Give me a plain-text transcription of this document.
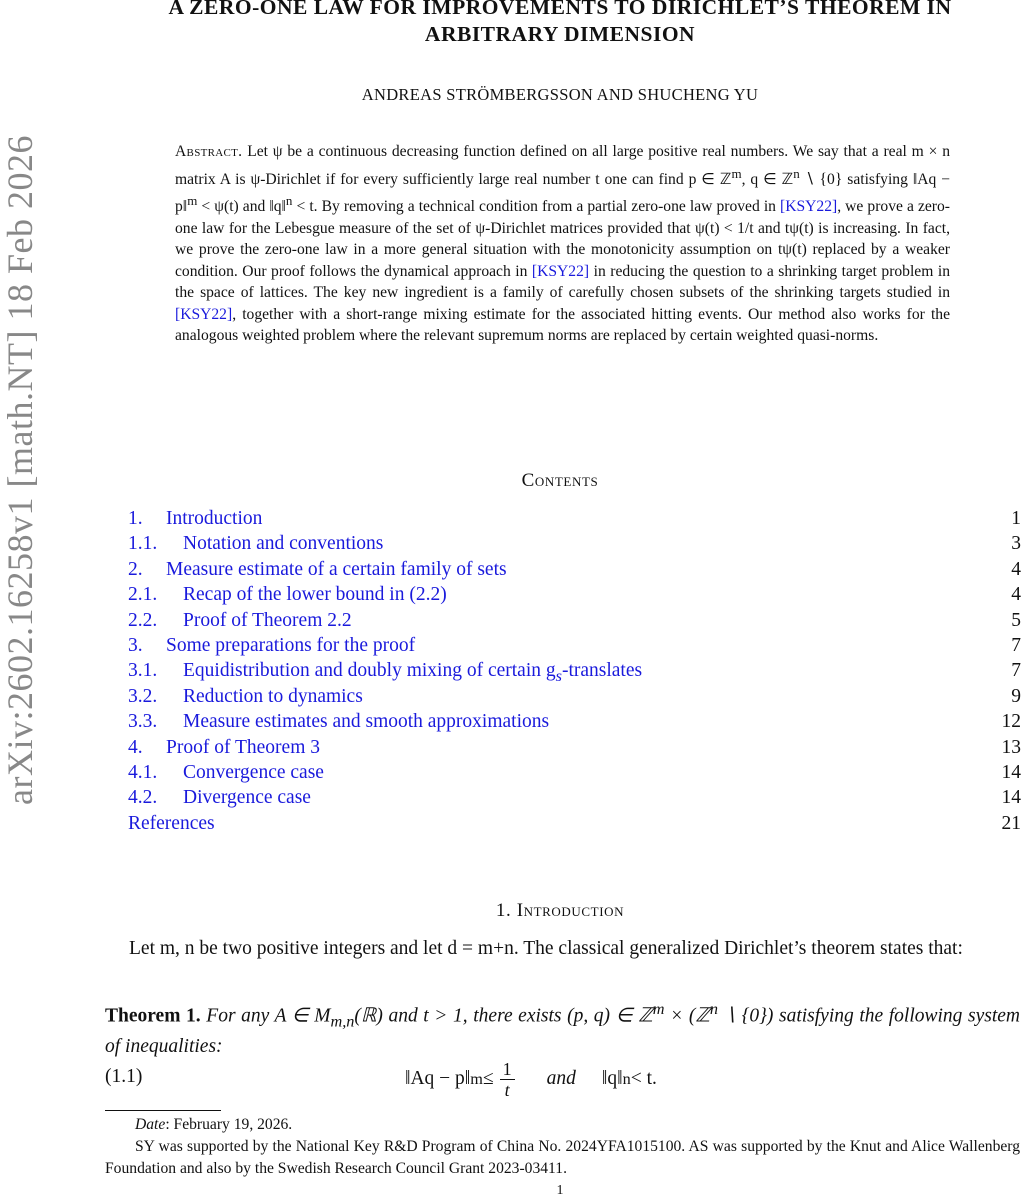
arXiv:2602.16258v1 [math.NT] 18 Feb 2026
A ZERO-ONE LAW FOR IMPROVEMENTS TO DIRICHLET’S THEOREM IN
ARBITRARY DIMENSION
ANDREAS STRÖMBERGSSON AND SHUCHENG YU
Abstract. Let ψ be a continuous decreasing function defined on all large positive real numbers. We say that a real m × n matrix A is ψ-Dirichlet if for every sufficiently large real number t one can find p ∈ ℤ$^m$, q ∈ ℤ$^n$ ∖ {0} satisfying ‖Aq − p‖$^m$ < ψ(t) and ‖q‖$^n$ < t. By removing a technical condition from a partial zero-one law proved in [KSY22], we prove a zero-one law for the Lebesgue measure of the set of ψ-Dirichlet matrices provided that ψ(t) < 1/t and tψ(t) is increasing. In fact, we prove the zero-one law in a more general situation with the monotonicity assumption on tψ(t) replaced by a weaker condition. Our proof follows the dynamical approach in [KSY22] in reducing the question to a shrinking target problem in the space of lattices. The key new ingredient is a family of carefully chosen subsets of the shrinking targets studied in [KSY22], together with a short-range mixing estimate for the associated hitting events. Our method also works for the analogous weighted problem where the relevant supremum norms are replaced by certain weighted quasi-norms.
Contents
1. Introduction	1
1.1. Notation and conventions	3
2. Measure estimate of a certain family of sets	4
2.1. Recap of the lower bound in (2.2)	4
2.2. Proof of Theorem 2.2	5
3. Some preparations for the proof	7
3.1. Equidistribution and doubly mixing of certain $g_s$-translates	7
3.2. Reduction to dynamics	9
3.3. Measure estimates and smooth approximations	12
4. Proof of Theorem 3	13
4.1. Convergence case	14
4.2. Divergence case	14
References	21
1. Introduction
Let m, n be two positive integers and let d = m+n. The classical generalized Dirichlet’s theorem states that:
Theorem 1. For any A ∈ $M_{m,n}(ℝ)$ and t > 1, there exists (p, q) ∈ ℤ$^m$ × (ℤ$^n$ ∖ {0}) satisfying the following system of inequalities:
(1.1)	‖Aq − p‖ $m \le \frac{1}{t}$ and ‖q‖ n < t.
Date: February 19, 2026.
SY was supported by the National Key R&D Program of China No. 2024YFA1015100. AS was supported by the Knut and Alice Wallenberg Foundation and also by the Swedish Research Council Grant 2023-03411.
1
